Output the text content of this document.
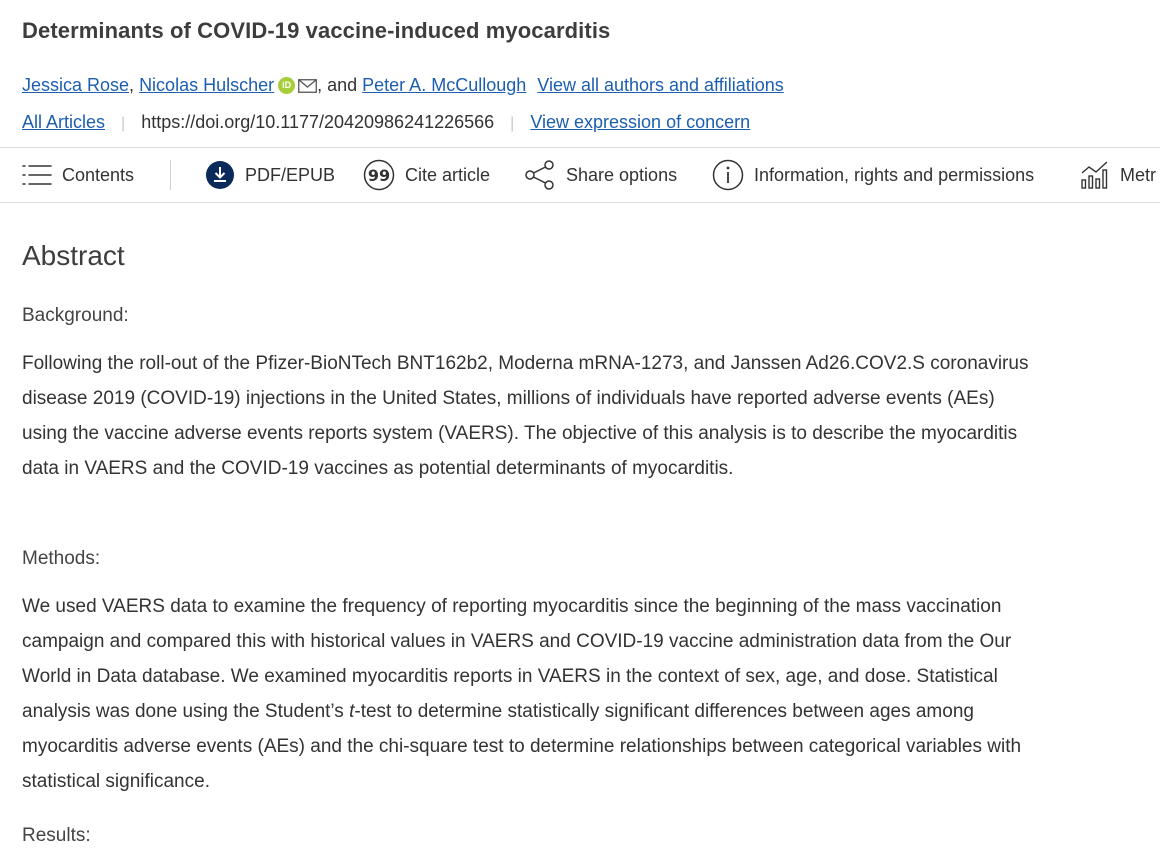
Determinants of COVID-19 vaccine-induced myocarditis
Jessica Rose, Nicolas Hulscher iD , and Peter A. McCullough View all authors and affiliations
All Articles | https://doi.org/10.1177/20420986241226566 | View expression of concern
Contents	PDF/EPUB 99 Cite article	Share options	Information, rights and permissions	Metr
Abstract
Background:

Following the roll-out of the Pfizer-BioNTech BNT162b2, Moderna mRNA-1273, and Janssen Ad26.COV2.S coronavirus disease 2019 (COVID-19) injections in the United States, millions of individuals have reported adverse events (AEs) using the vaccine adverse events reports system (VAERS). The objective of this analysis is to describe the myocarditis data in VAERS and the COVID-19 vaccines as potential determinants of myocarditis.

Methods:

We used VAERS data to examine the frequency of reporting myocarditis since the beginning of the mass vaccination campaign and compared this with historical values in VAERS and COVID-19 vaccine administration data from the Our World in Data database. We examined myocarditis reports in VAERS in the context of sex, age, and dose. Statistical analysis was done using the Student’s t-test to determine statistically significant differences between ages among myocarditis adverse events (AEs) and the chi-square test to determine relationships between categorical variables with statistical significance.

Results:
